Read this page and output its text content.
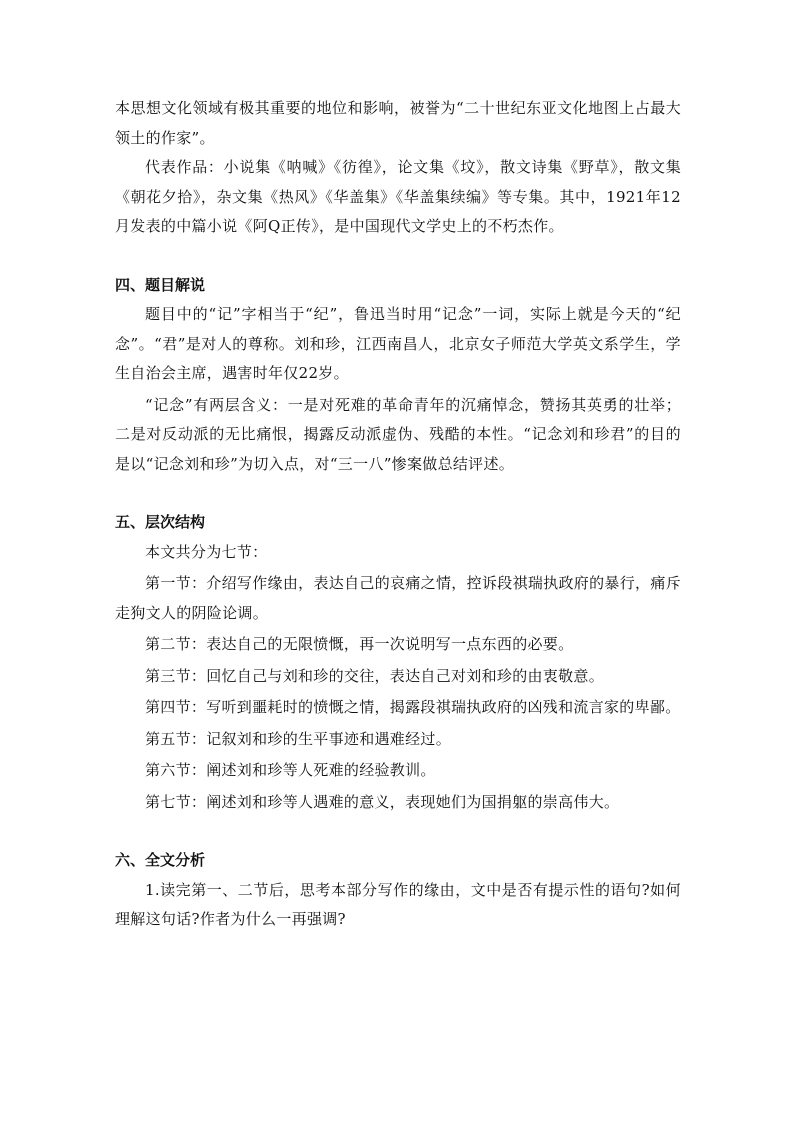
本思想文化领域有极其重要的地位和影响，被誉为“二十世纪东亚文化地图上占最大领土的作家”。

代表作品：小说集《呐喊》《彷徨》，论文集《坟》，散文诗集《野草》，散文集《朝花夕拾》，杂文集《热风》《华盖集》《华盖集续编》等专集。其中，1921年12月发表的中篇小说《阿Q正传》，是中国现代文学史上的不朽杰作。

四、题目解说

题目中的“记”字相当于“纪”，鲁迅当时用“记念”一词，实际上就是今天的“纪念”。“君”是对人的尊称。刘和珍，江西南昌人，北京女子师范大学英文系学生，学生自治会主席，遇害时年仅22岁。

“记念”有两层含义：一是对死难的革命青年的沉痛悼念，赞扬其英勇的壮举；二是对反动派的无比痛恨，揭露反动派虚伪、残酷的本性。“记念刘和珍君”的目的是以“记念刘和珍”为切入点，对“三一八”惨案做总结评述。

五、层次结构

本文共分为七节：

第一节：介绍写作缘由，表达自己的哀痛之情，控诉段祺瑞执政府的暴行，痛斥走狗文人的阴险论调。

第二节：表达自己的无限愤慨，再一次说明写一点东西的必要。

第三节：回忆自己与刘和珍的交往，表达自己对刘和珍的由衷敬意。

第四节：写听到噩耗时的愤慨之情，揭露段祺瑞执政府的凶残和流言家的卑鄙。

第五节：记叙刘和珍的生平事迹和遇难经过。

第六节：阐述刘和珍等人死难的经验教训。

第七节：阐述刘和珍等人遇难的意义，表现她们为国捐躯的崇高伟大。

六、全文分析

1.读完第一、二节后，思考本部分写作的缘由，文中是否有提示性的语句?如何理解这句话?作者为什么一再强调?
